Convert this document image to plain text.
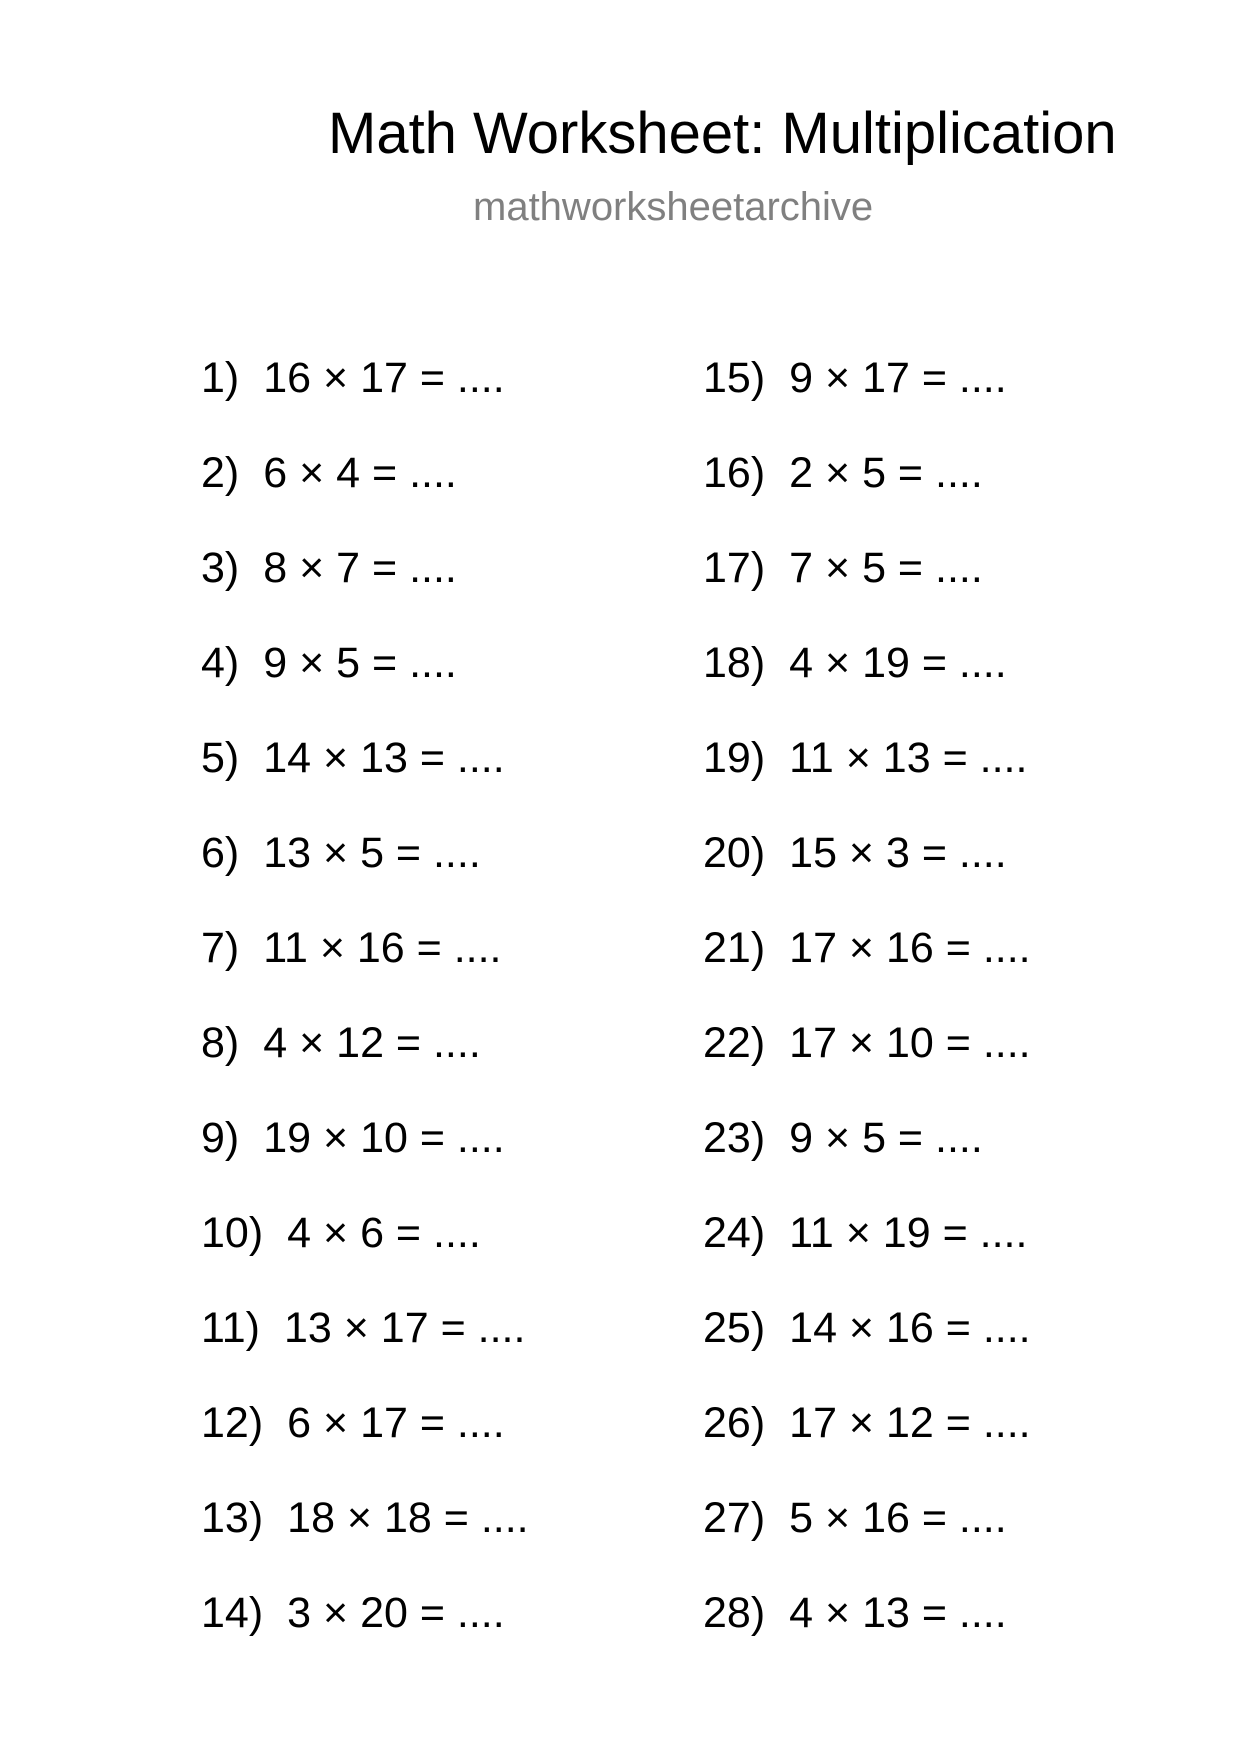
Math Worksheet: Multiplication
mathworksheetarchive
1) 16 × 17 = ....
2) 6 × 4 = ....
3) 8 × 7 = ....
4) 9 × 5 = ....
5) 14 × 13 = ....
6) 13 × 5 = ....
7) 11 × 16 = ....
8) 4 × 12 = ....
9) 19 × 10 = ....
10) 4 × 6 = ....
11) 13 × 17 = ....
12) 6 × 17 = ....
13) 18 × 18 = ....
14) 3 × 20 = ....
15) 9 × 17 = ....
16) 2 × 5 = ....
17) 7 × 5 = ....
18) 4 × 19 = ....
19) 11 × 13 = ....
20) 15 × 3 = ....
21) 17 × 16 = ....
22) 17 × 10 = ....
23) 9 × 5 = ....
24) 11 × 19 = ....
25) 14 × 16 = ....
26) 17 × 12 = ....
27) 5 × 16 = ....
28) 4 × 13 = ....
